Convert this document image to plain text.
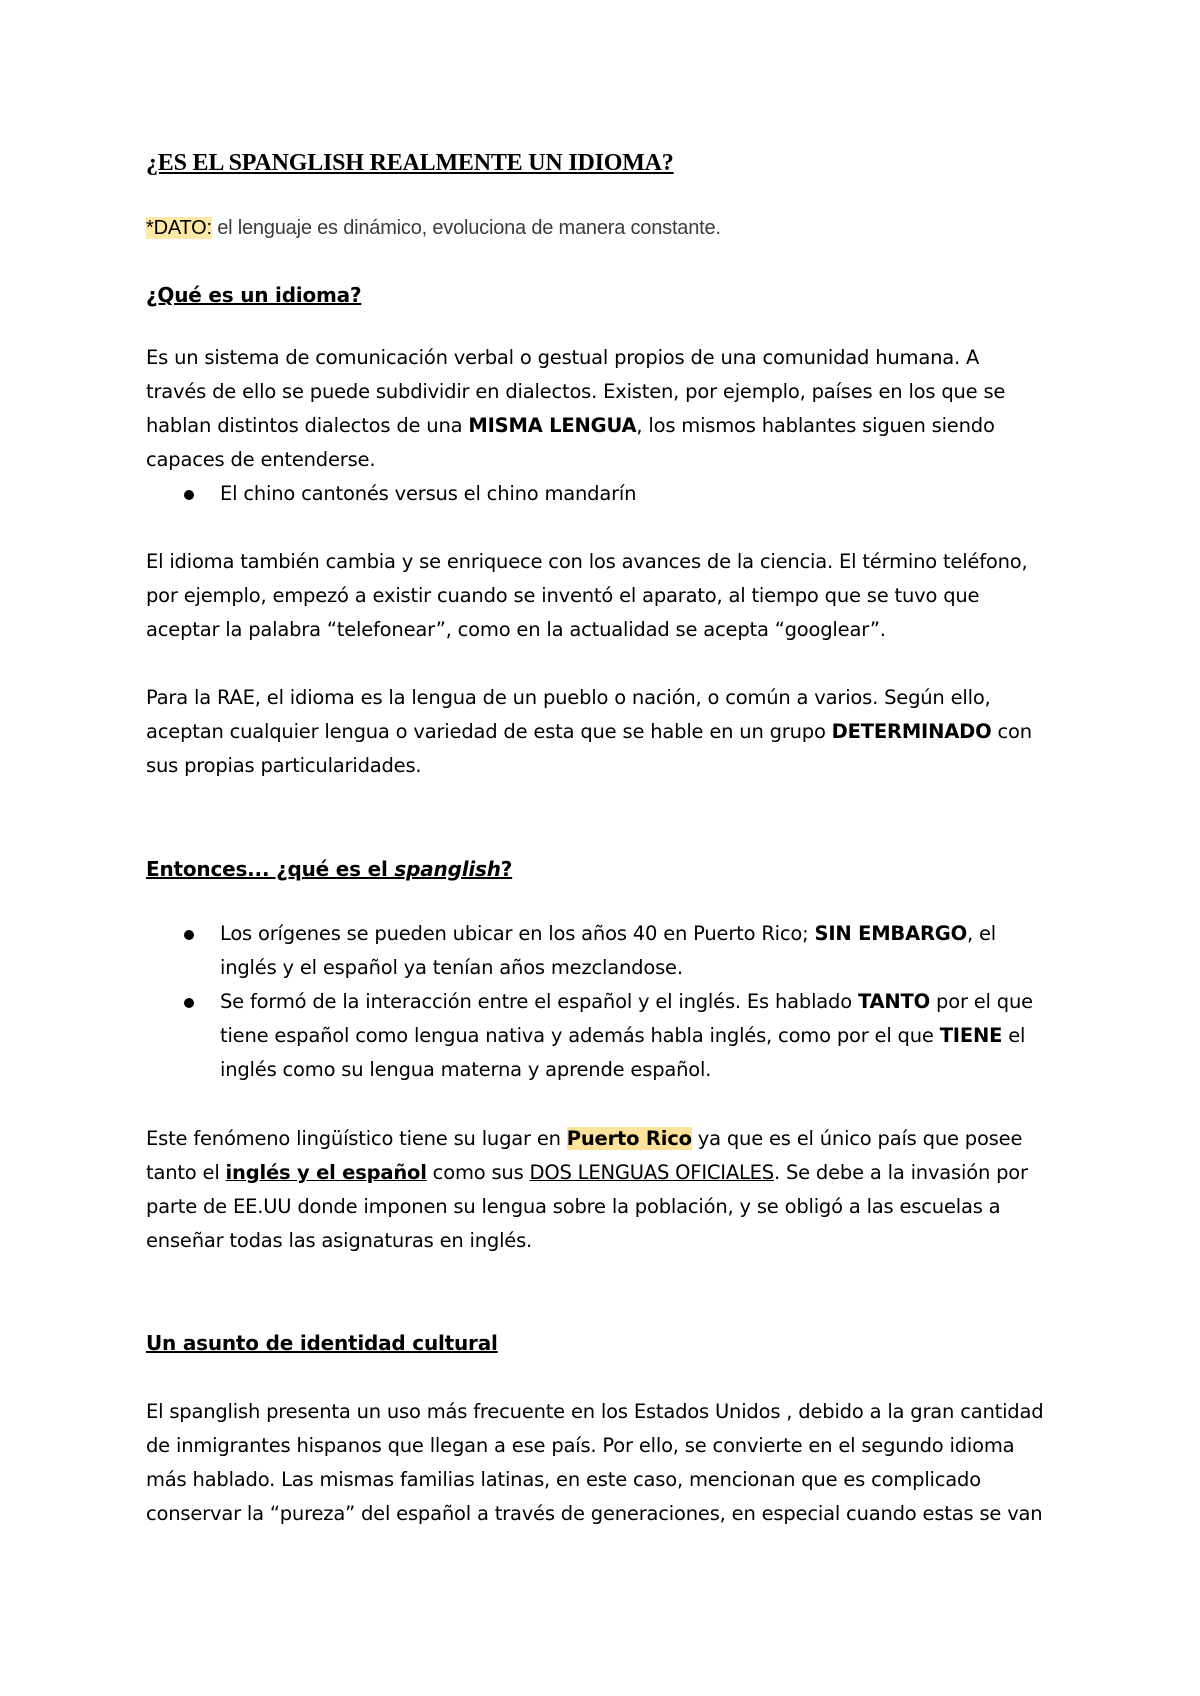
¿ES EL SPANGLISH REALMENTE UN IDIOMA?

*DATO: el lenguaje es dinámico, evoluciona de manera constante.

¿Qué es un idioma?
Es un sistema de comunicación verbal o gestual propios de una comunidad humana. A
través de ello se puede subdividir en dialectos. Existen, por ejemplo, países en los que se
hablan distintos dialectos de una MISMA LENGUA, los mismos hablantes siguen siendo
capaces de entenderse.
El chino cantonés versus el chino mandarín
El idioma también cambia y se enriquece con los avances de la ciencia. El término teléfono,
por ejemplo, empezó a existir cuando se inventó el aparato, al tiempo que se tuvo que
aceptar la palabra “telefonear”, como en la actualidad se acepta “googlear”.
Para la RAE, el idioma es la lengua de un pueblo o nación, o común a varios. Según ello,
aceptan cualquier lengua o variedad de esta que se hable en un grupo DETERMINADO con
sus propias particularidades.
Entonces... ¿qué es el spanglish?
Los orígenes se pueden ubicar en los años 40 en Puerto Rico; SIN EMBARGO, el
inglés y el español ya tenían años mezclandose.
Se formó de la interacción entre el español y el inglés. Es hablado TANTO por el que
tiene español como lengua nativa y además habla inglés, como por el que TIENE el
inglés como su lengua materna y aprende español.
Este fenómeno lingüístico tiene su lugar en Puerto Rico ya que es el único país que posee
tanto el inglés y el español como sus DOS LENGUAS OFICIALES. Se debe a la invasión por
parte de EE.UU donde imponen su lengua sobre la población, y se obligó a las escuelas a
enseñar todas las asignaturas en inglés.
Un asunto de identidad cultural
El spanglish presenta un uso más frecuente en los Estados Unidos , debido a la gran cantidad
de inmigrantes hispanos que llegan a ese país. Por ello, se convierte en el segundo idioma
más hablado. Las mismas familias latinas, en este caso, mencionan que es complicado
conservar la “pureza” del español a través de generaciones, en especial cuando estas se van
